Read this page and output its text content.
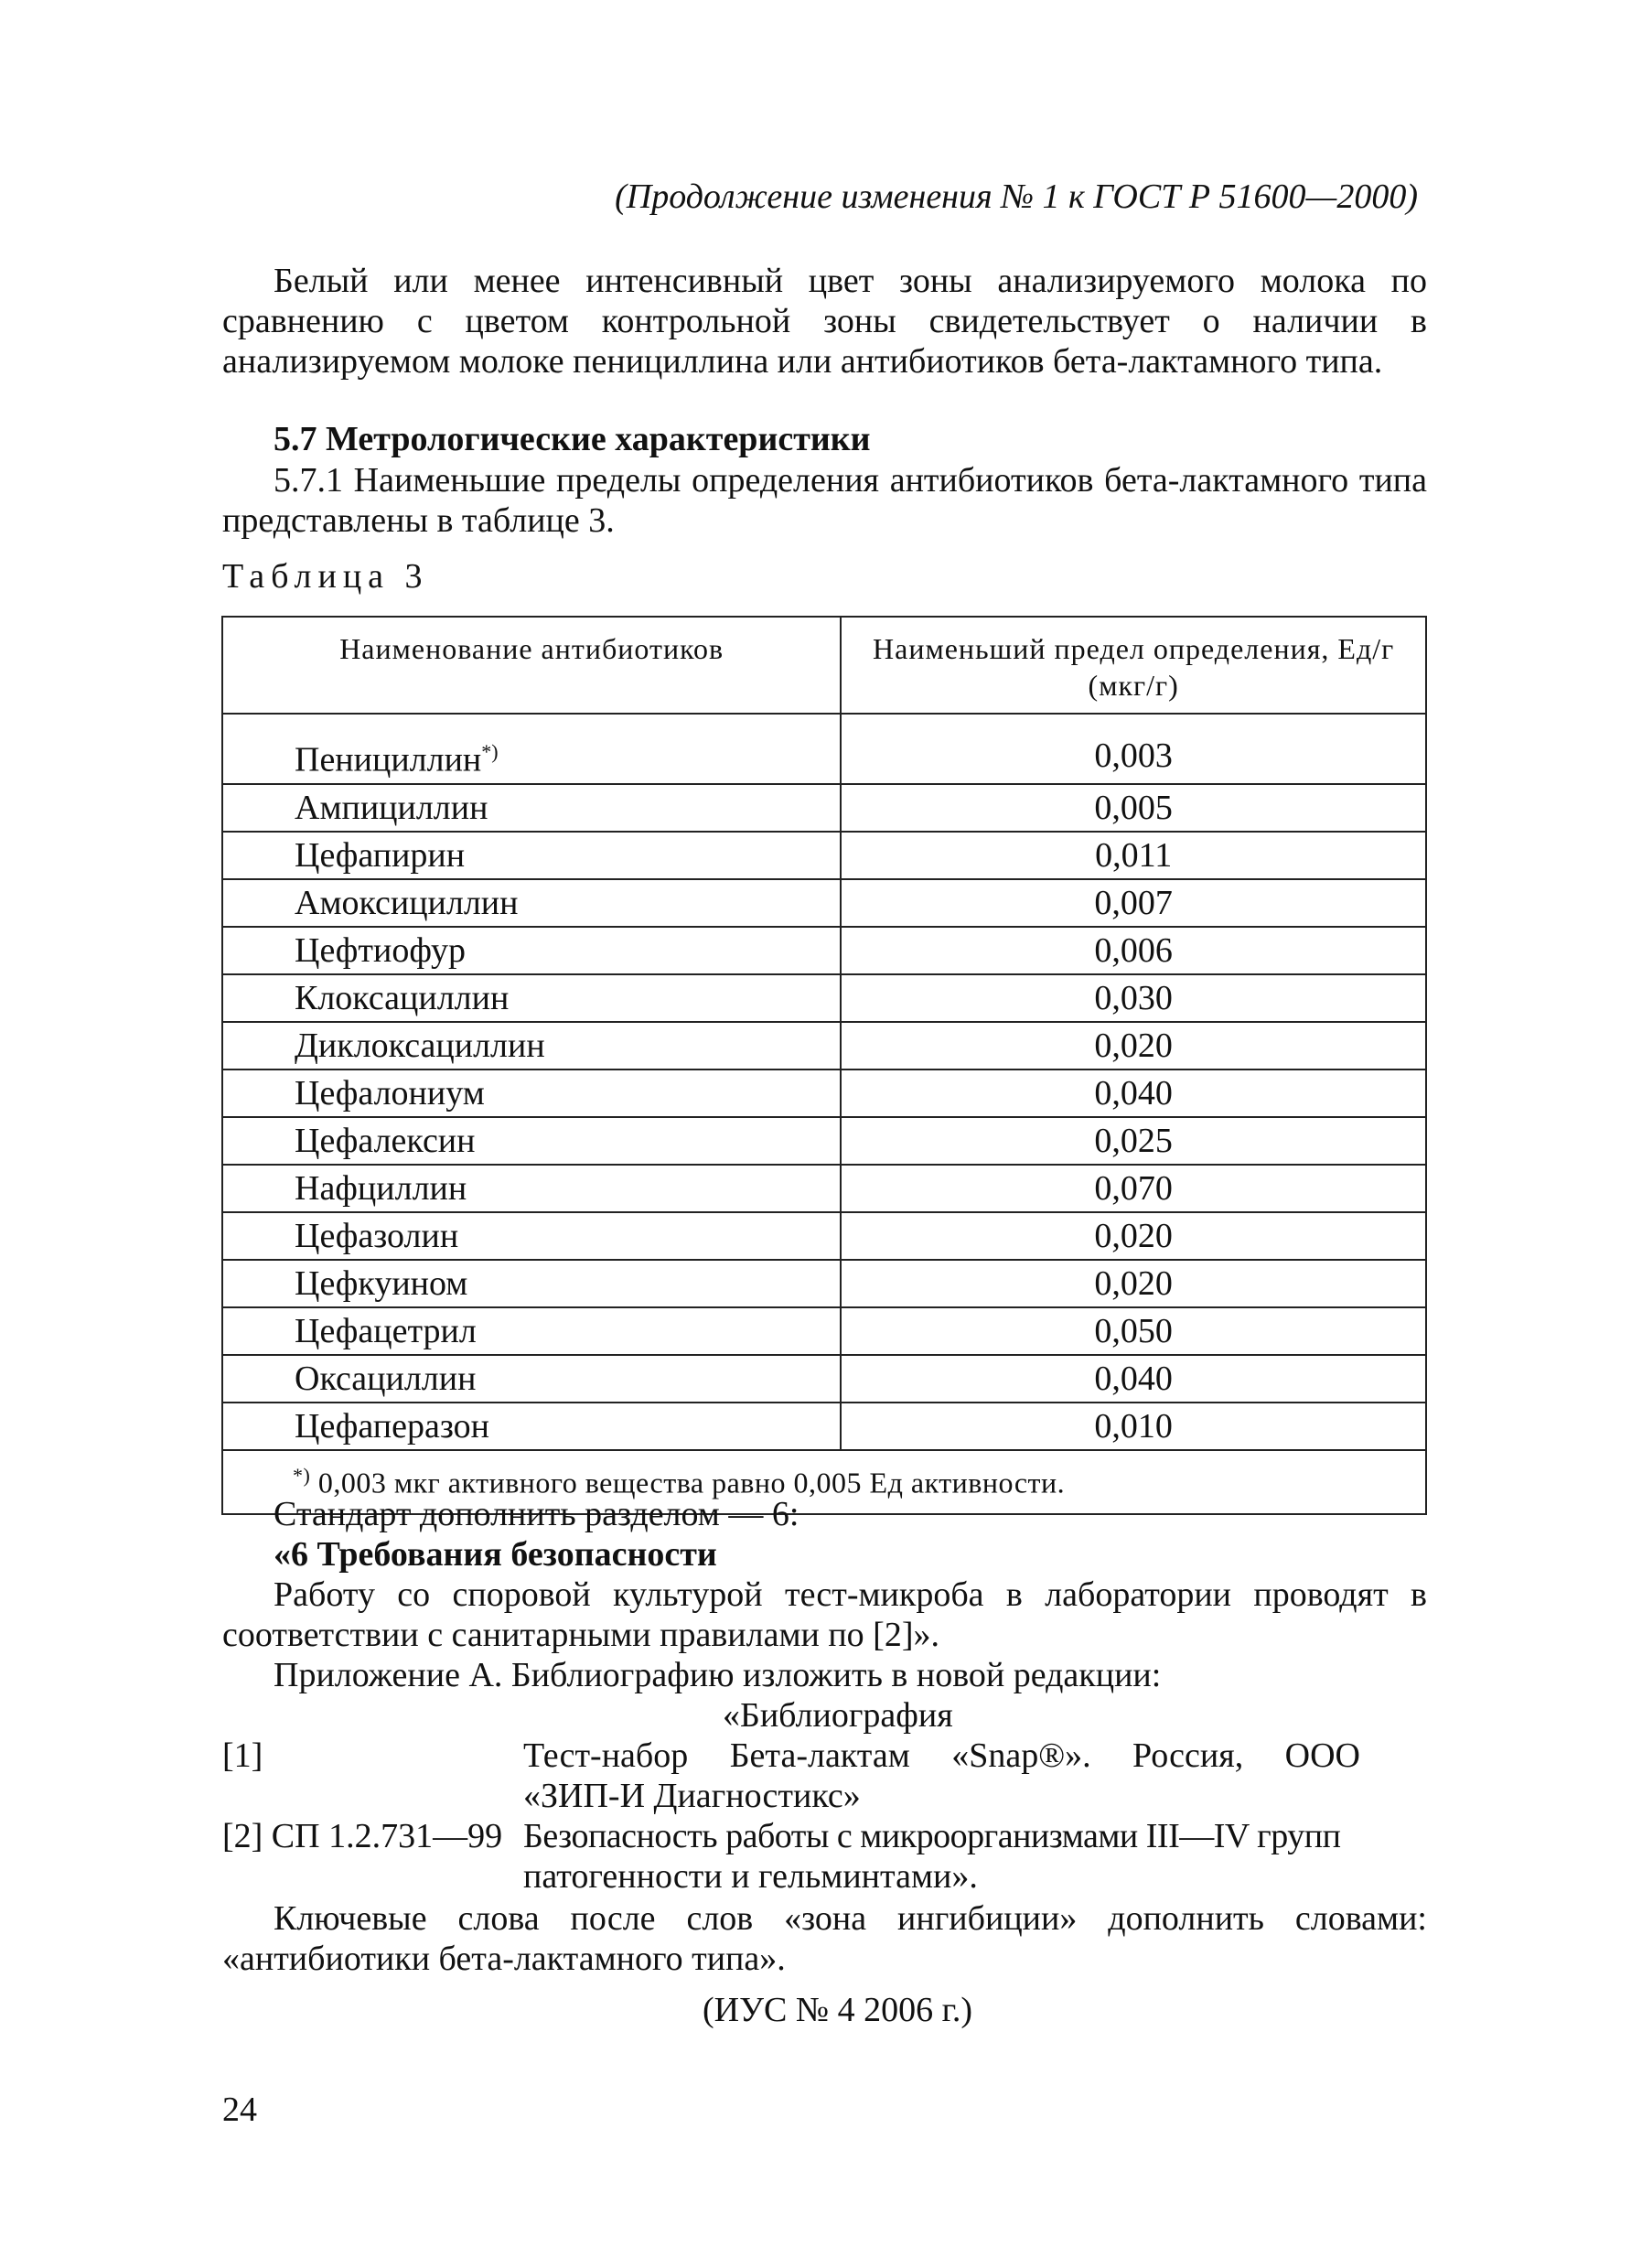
(Продолжение изменения № 1 к ГОСТ Р 51600—2000)
Белый или менее интенсивный цвет зоны анализируемого молока по сравнению с цветом контрольной зоны свидетельствует о наличии в анализируемом молоке пенициллина или антибиотиков бета-лактамного типа.
5.7 Метрологические характеристики
5.7.1 Наименьшие пределы определения антибиотиков бета-лактамного типа представлены в таблице 3.
Таблица 3
Наименование антибиотиков	Наименьший предел определения, Ед/г (мкг/г)

Пенициллин*)	0,003
Ампициллин	0,005
Цефапирин	0,011
Амоксициллин	0,007
Цефтиофур	0,006
Клоксациллин	0,030
Диклоксациллин	0,020
Цефалониум	0,040
Цефалексин	0,025
Нафциллин	0,070
Цефазолин	0,020
Цефкуином	0,020
Цефацетрил	0,050
Оксациллин	0,040
Цефаперазон	0,010
*) 0,003 мкг активного вещества равно 0,005 Ед активности.	
Стандарт дополнить разделом — 6:
«6 Требования безопасности
Работу со споровой культурой тест-микроба в лаборатории проводят в соответствии с санитарными правилами по [2]».
Приложение А. Библиографию изложить в новой редакции:
«Библиография
[1]	Тест-набор Бета-лактам «Snap®». Россия, ООО
«ЗИП-И Диагностикс»
[2] СП 1.2.731—99 Безопасность работы с микроорганизмами III—IV групп
патогенности и гельминтами».
Ключевые слова после слов «зона ингибиции» дополнить словами: «антибиотики бета-лактамного типа».
(ИУС № 4 2006 г.)
24
